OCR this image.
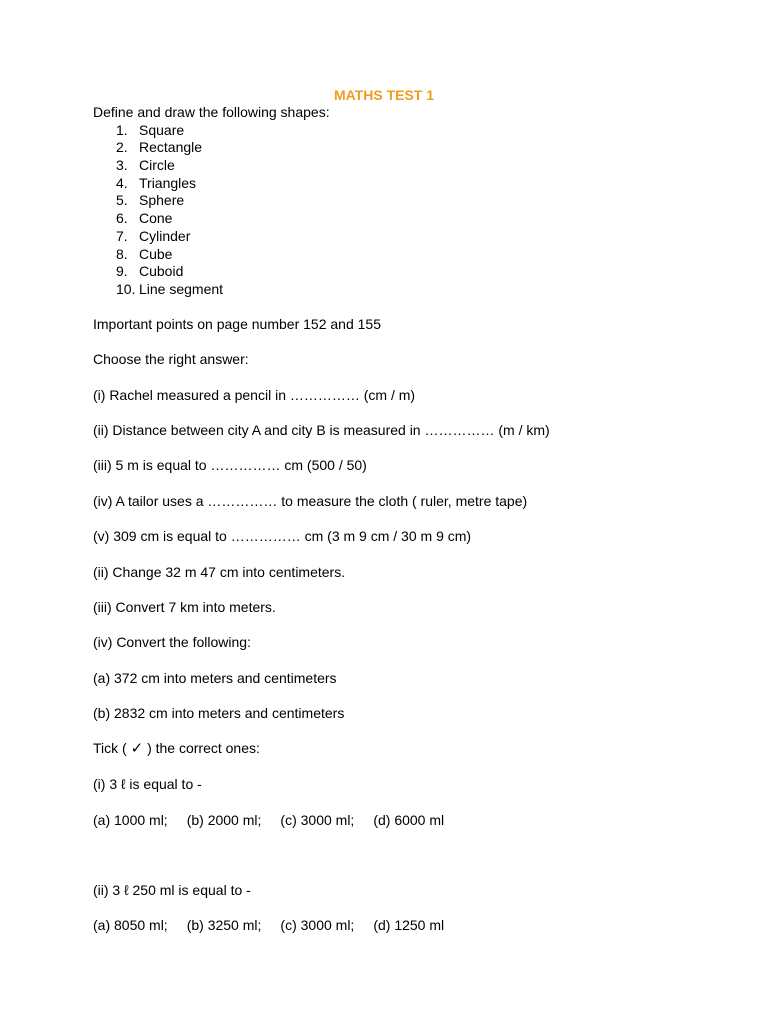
MATHS TEST 1
Define and draw the following shapes:
1. Square
2. Rectangle
3. Circle
4. Triangles
5. Sphere
6. Cone
7. Cylinder
8. Cube
9. Cuboid
10. Line segment
Important points on page number 152 and 155
Choose the right answer:
(i) Rachel measured a pencil in …………… (cm / m)
(ii) Distance between city A and city B is measured in …………… (m / km)
(iii) 5 m is equal to …………… cm (500 / 50)
(iv) A tailor uses a …………… to measure the cloth ( ruler, metre tape)
(v) 309 cm is equal to …………… cm (3 m 9 cm / 30 m 9 cm)
(ii) Change 32 m 47 cm into centimeters.
(iii) Convert 7 km into meters.
(iv) Convert the following:
(a) 372 cm into meters and centimeters
(b) 2832 cm into meters and centimeters
Tick ( ✓ ) the correct ones:
(i) 3 ℓ is equal to -
(a) 1000 ml; (b) 2000 ml; (c) 3000 ml; (d) 6000 ml
(ii) 3 ℓ 250 ml is equal to -
(a) 8050 ml; (b) 3250 ml; (c) 3000 ml; (d) 1250 ml
